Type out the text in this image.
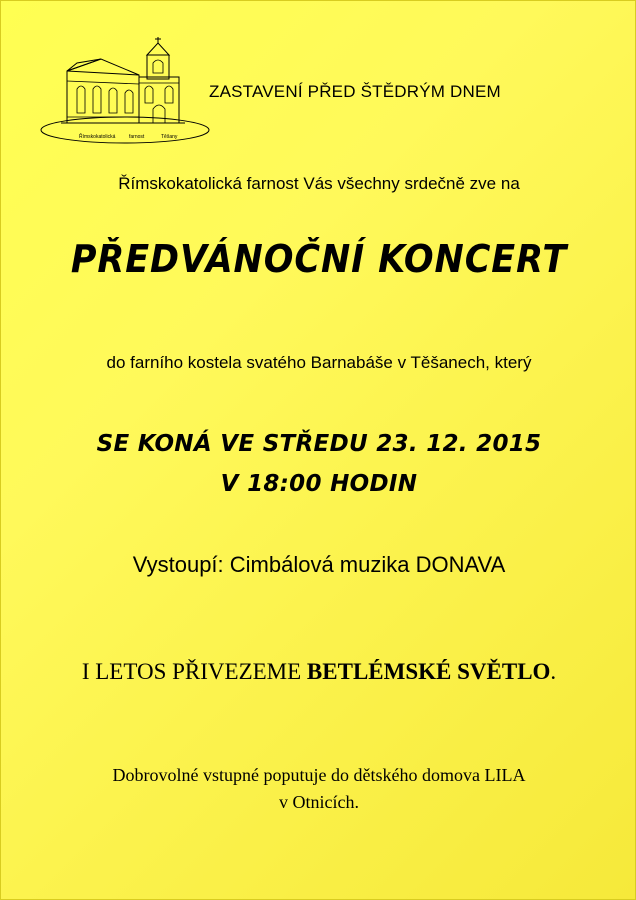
Římskokatolická	farnost	Těšany
ZASTAVENÍ PŘED ŠTĚDRÝM DNEM
Římskokatolická farnost Vás všechny srdečně zve na
PŘEDVÁNOČNÍ KONCERT
do farního kostela svatého Barnabáše v Těšanech, který
SE KONÁ VE STŘEDU 23. 12. 2015
V 18:00 HODIN
Vystoupí: Cimbálová muzika DONAVA
I LETOS PŘIVEZEME BETLÉMSKÉ SVĚTLO.
Dobrovolné vstupné poputuje do dětského domova LILA
v Otnicích.
